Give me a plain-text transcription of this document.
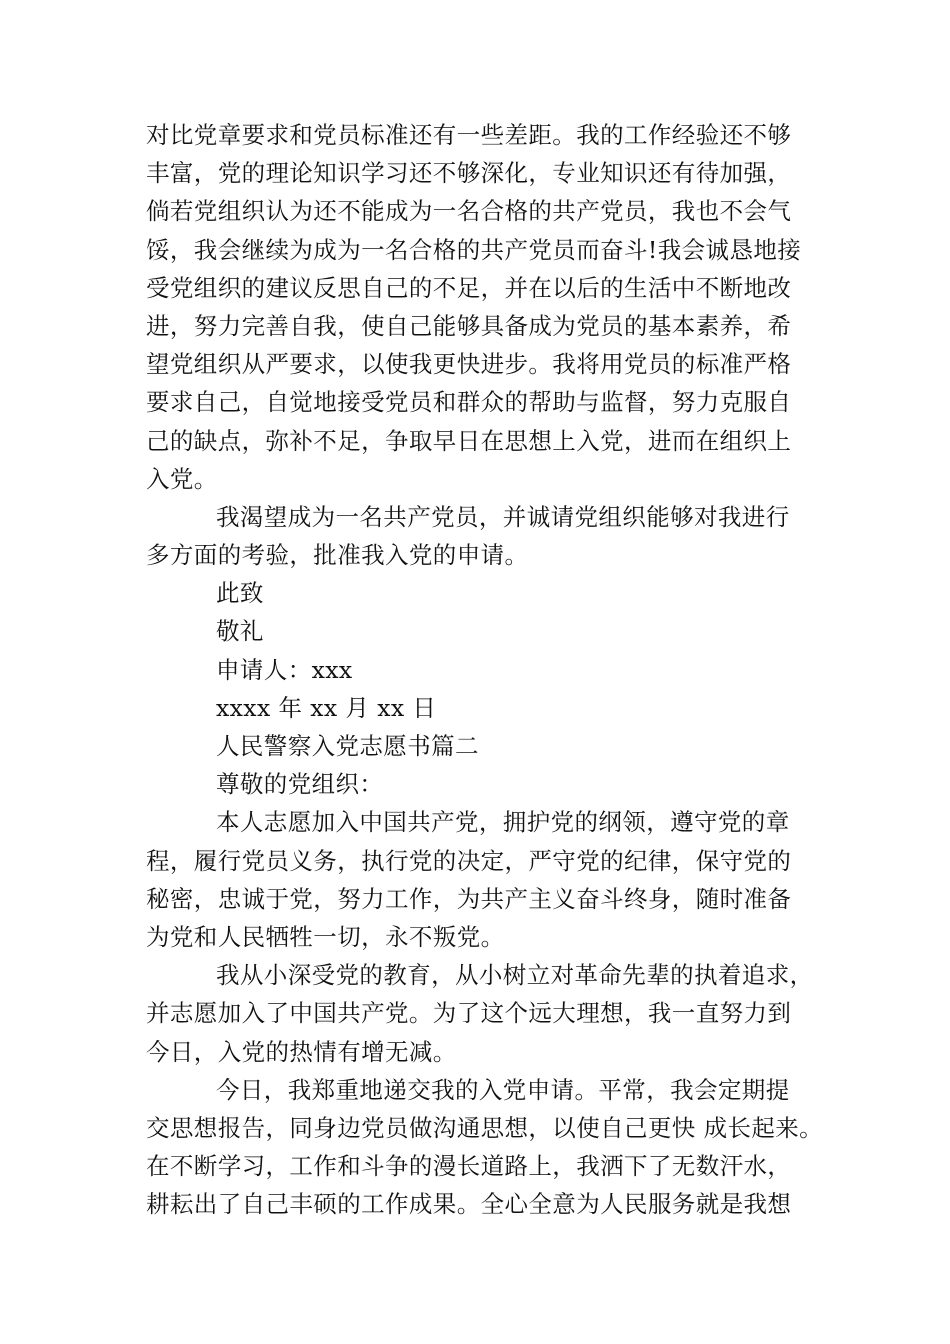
对比党章要求和党员标准还有一些差距。我的工作经验还不够
丰富，党的理论知识学习还不够深化，专业知识还有待加强，
倘若党组织认为还不能成为一名合格的共产党员，我也不会气
馁，我会继续为成为一名合格的共产党员而奋斗!我会诚恳地接
受党组织的建议反思自己的不足，并在以后的生活中不断地改
进，努力完善自我，使自己能够具备成为党员的基本素养，希
望党组织从严要求，以使我更快进步。我将用党员的标准严格
要求自己，自觉地接受党员和群众的帮助与监督，努力克服自
己的缺点，弥补不足，争取早日在思想上入党，进而在组织上
入党。
我渴望成为一名共产党员，并诚请党组织能够对我进行
多方面的考验，批准我入党的申请。
此致
敬礼
申请人：xxx
xxxx 年 xx 月 xx 日
人民警察入党志愿书篇二
尊敬的党组织：
本人志愿加入中国共产党，拥护党的纲领，遵守党的章
程，履行党员义务，执行党的决定，严守党的纪律，保守党的
秘密，忠诚于党，努力工作，为共产主义奋斗终身，随时准备
为党和人民牺牲一切，永不叛党。
我从小深受党的教育，从小树立对革命先辈的执着追求，
并志愿加入了中国共产党。为了这个远大理想，我一直努力到
今日，入党的热情有增无减。
今日，我郑重地递交我的入党申请。平常，我会定期提
交思想报告，同身边党员做沟通思想，以使自己更快 成长起来。
在不断学习，工作和斗争的漫长道路上，我洒下了无数汗水，
耕耘出了自己丰硕的工作成果。全心全意为人民服务就是我想
